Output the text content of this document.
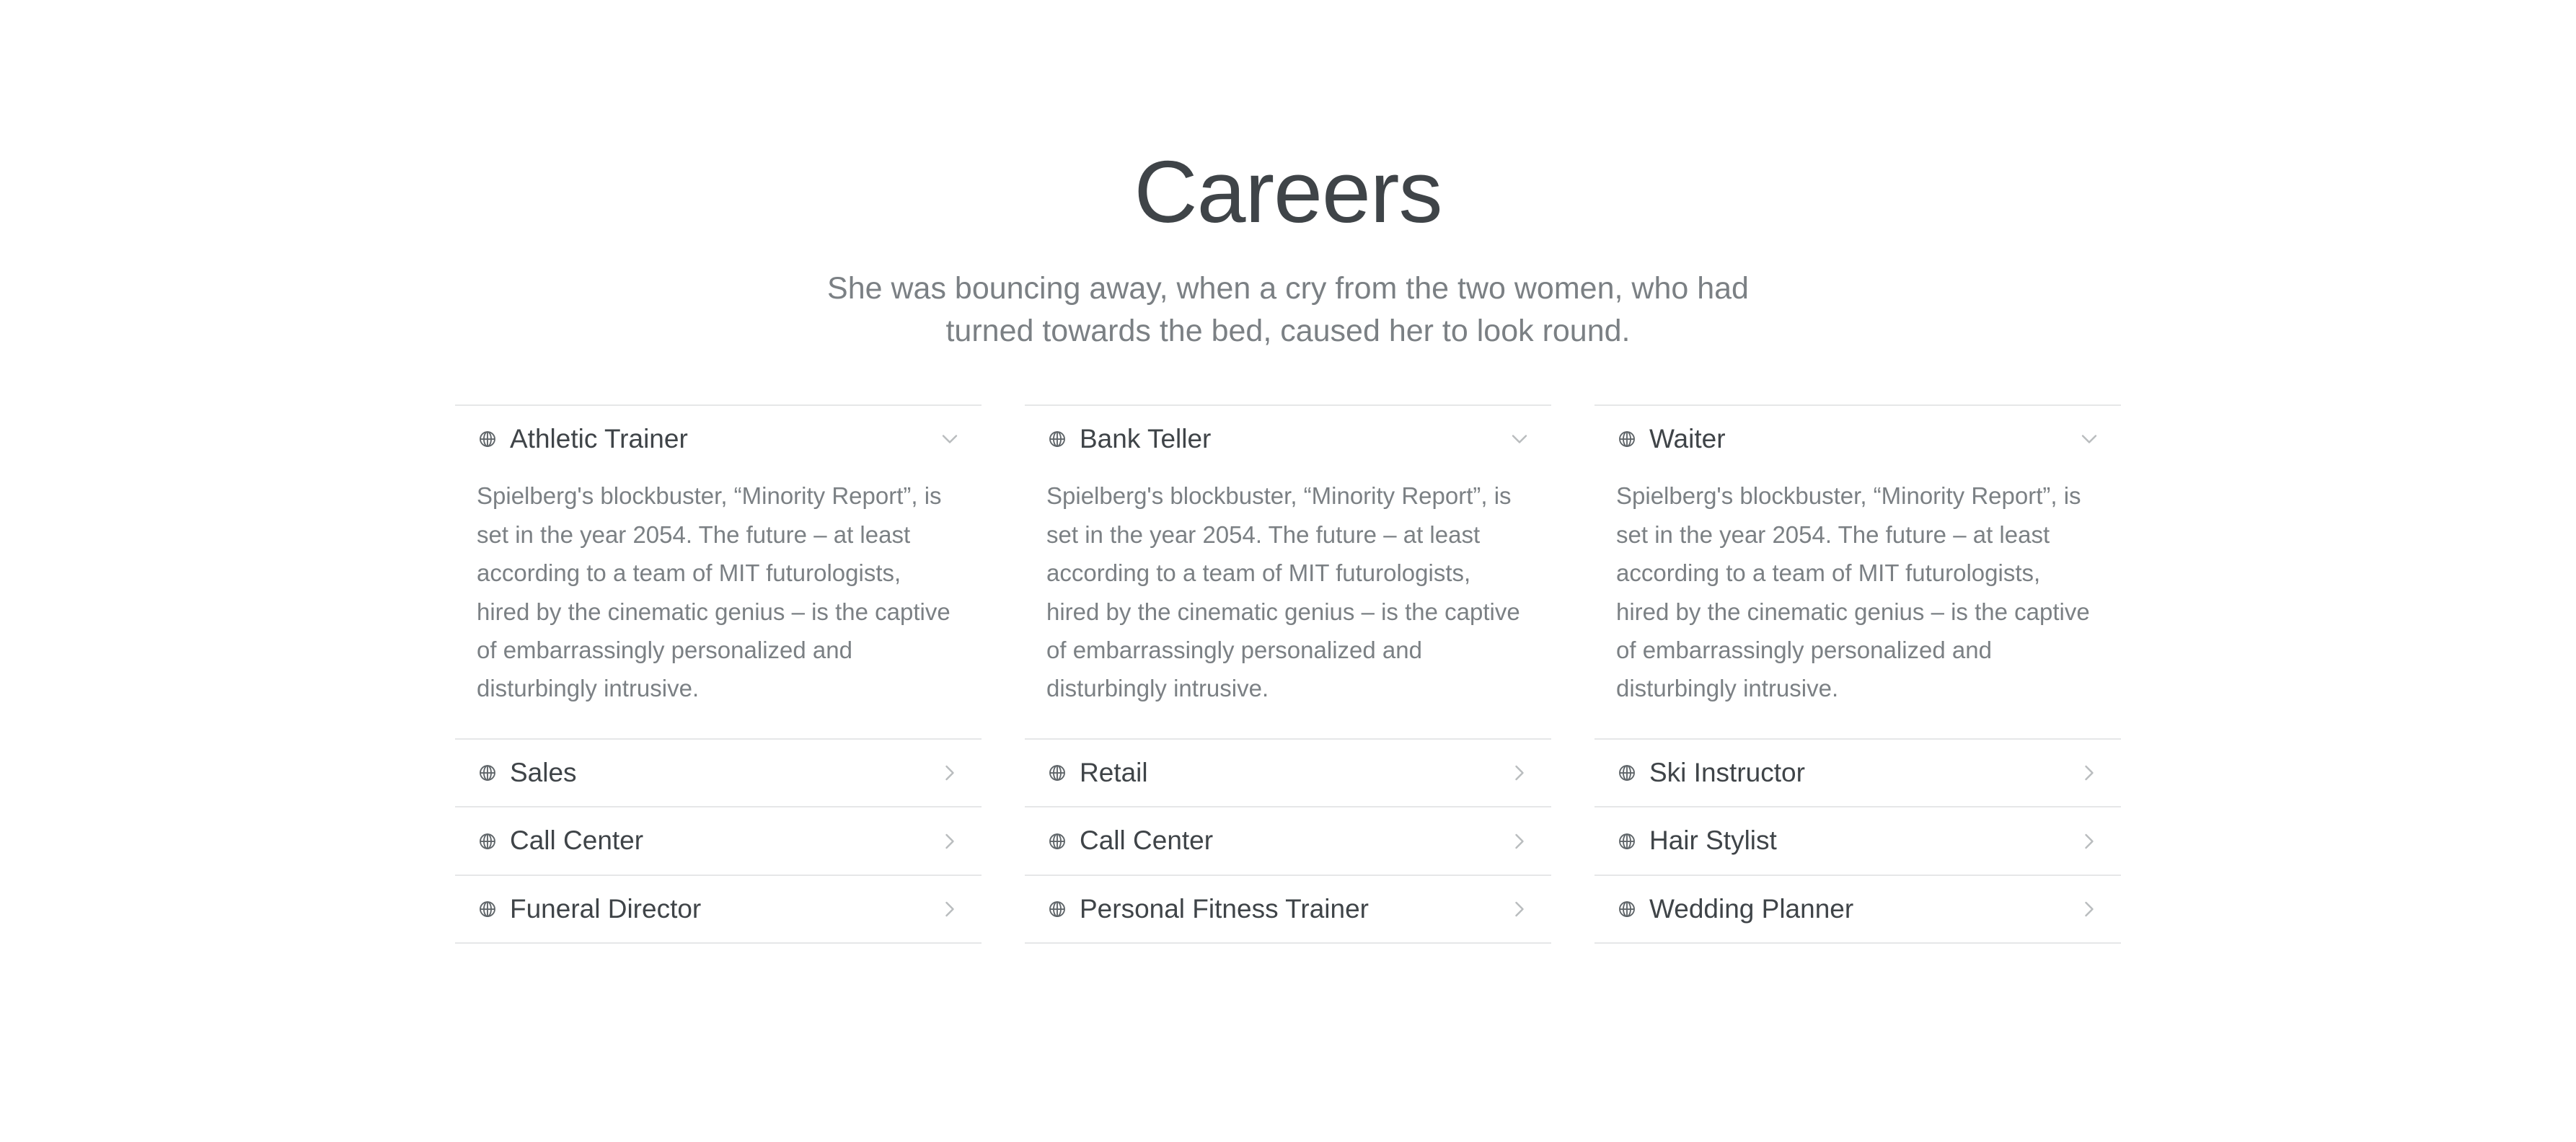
Careers

She was bouncing away, when a cry from the two women, who had turned towards the bed, caused her to look round.

Athletic Trainer

Spielberg's blockbuster, “Minority Report”, is set in the year 2054. The future – at least according to a team of MIT futurologists, hired by the cinematic genius – is the captive of embarrassingly personalized and disturbingly intrusive.

Sales
Call Center
Funeral Director
Bank Teller

Spielberg's blockbuster, “Minority Report”, is set in the year 2054. The future – at least according to a team of MIT futurologists, hired by the cinematic genius – is the captive of embarrassingly personalized and disturbingly intrusive.

Retail
Call Center
Personal Fitness Trainer
Waiter

Spielberg's blockbuster, “Minority Report”, is set in the year 2054. The future – at least according to a team of MIT futurologists, hired by the cinematic genius – is the captive of embarrassingly personalized and disturbingly intrusive.

Ski Instructor
Hair Stylist
Wedding Planner
